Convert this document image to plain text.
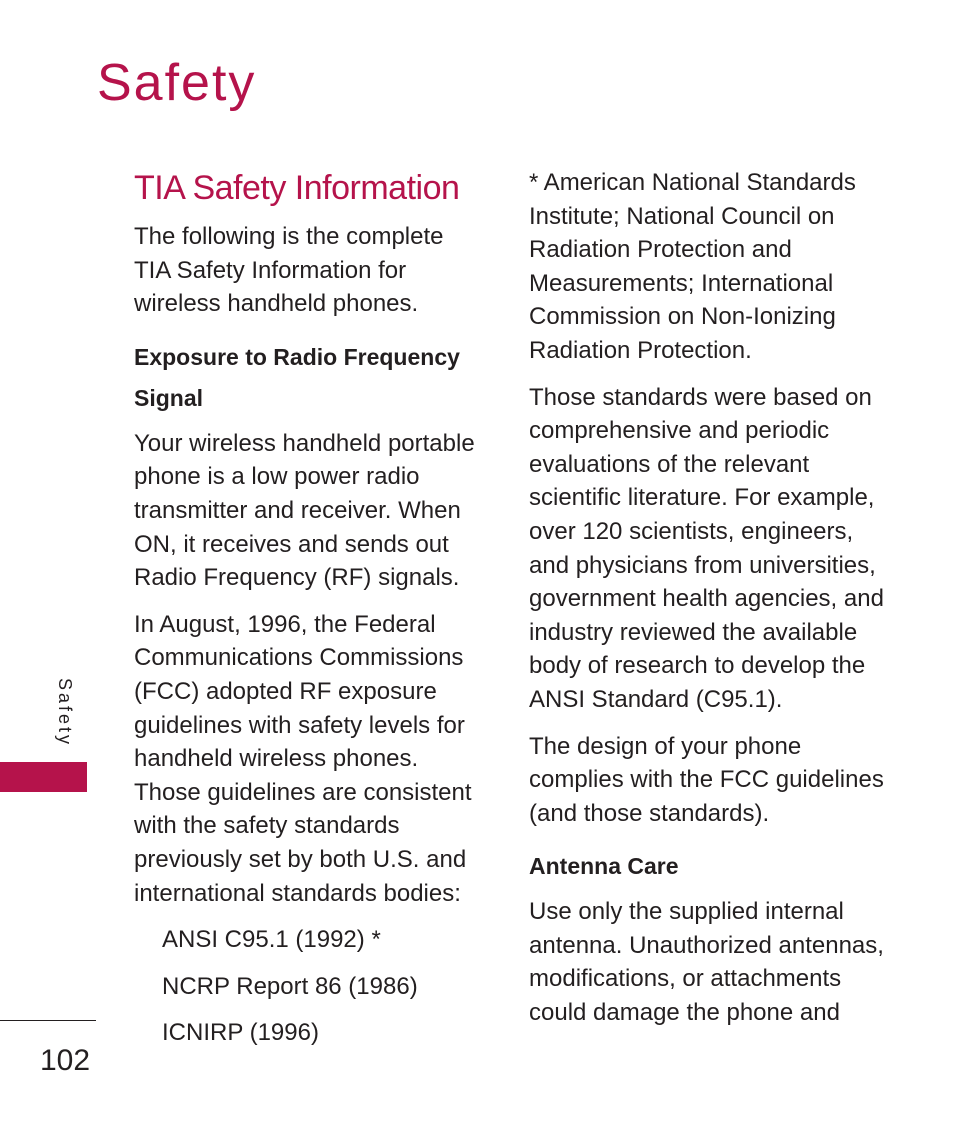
Safety
TIA Safety Information

The following is the complete TIA Safety Information for wireless handheld phones.

Exposure to Radio Frequency Signal

Your wireless handheld portable phone is a low power radio transmitter and receiver. When ON, it receives and sends out Radio Frequency (RF) signals.

In August, 1996, the Federal Communications Commissions (FCC) adopted RF exposure guidelines with safety levels for handheld wireless phones. Those guidelines are consistent with the safety standards previously set by both U.S. and international standards bodies:

ANSI C95.1 (1992) *
NCRP Report 86 (1986)
ICNIRP (1996)

* American National Standards Institute; National Council on Radiation Protection and Measurements; International Commission on Non-Ionizing Radiation Protection.

Those standards were based on comprehensive and periodic evaluations of the relevant scientific literature. For example, over 120 scientists, engineers, and physicians from universities, government health agencies, and industry reviewed the available body of research to develop the ANSI Standard (C95.1).

The design of your phone complies with the FCC guidelines (and those standards).

Antenna Care

Use only the supplied internal antenna. Unauthorized antennas, modifications, or attachments could damage the phone and

Safety
102
